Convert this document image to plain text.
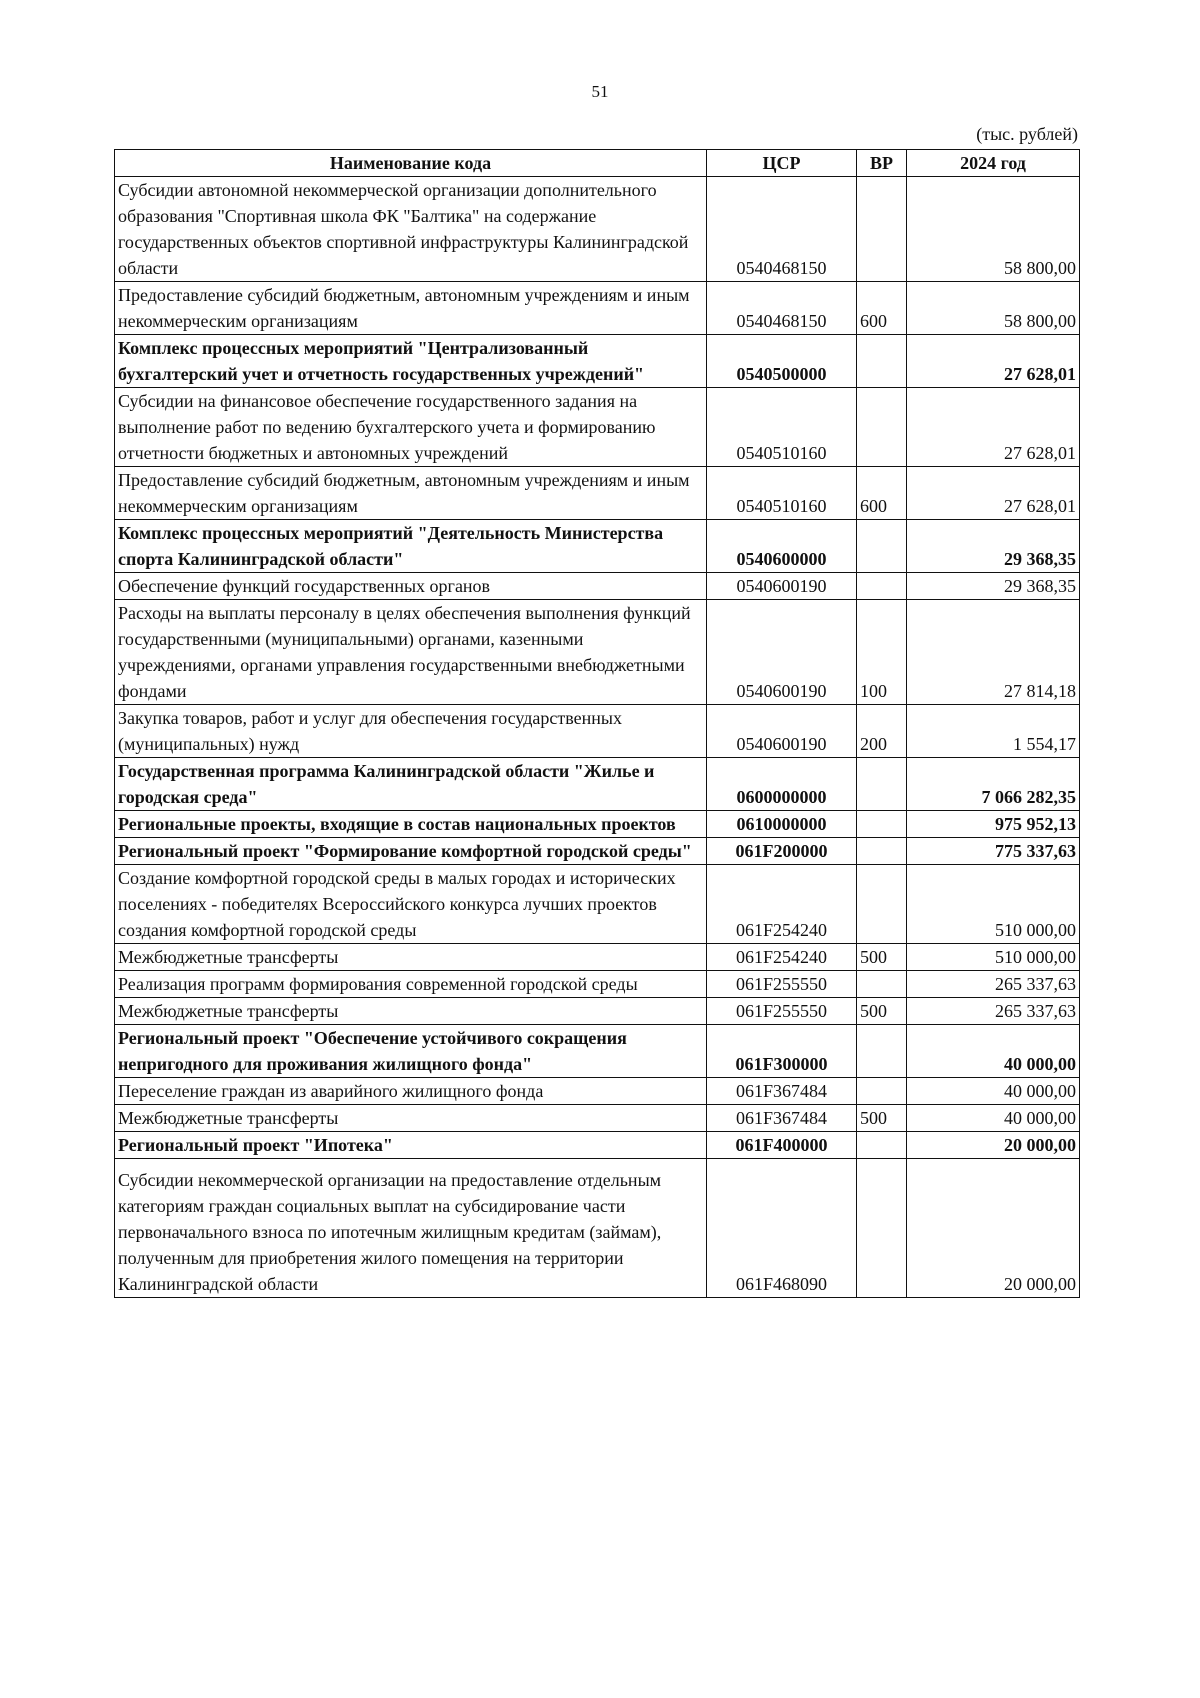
51
(тыс. рублей)
Наименование кода	ЦСР	ВР	2024 год
Субсидии автономной некоммерческой организации дополнительного образования "Спортивная школа ФК "Балтика" на содержание государственных объектов спортивной инфраструктуры Калининградской области	0540468150		58 800,00
Предоставление субсидий бюджетным, автономным учреждениям и иным некоммерческим организациям	0540468150	600	58 800,00
Комплекс процессных мероприятий "Централизованный бухгалтерский учет и отчетность государственных учреждений"	0540500000		27 628,01
Субсидии на финансовое обеспечение государственного задания на выполнение работ по ведению бухгалтерского учета и формированию отчетности бюджетных и автономных учреждений	0540510160		27 628,01
Предоставление субсидий бюджетным, автономным учреждениям и иным некоммерческим организациям	0540510160	600	27 628,01
Комплекс процессных мероприятий "Деятельность Министерства спорта Калининградской области"	0540600000		29 368,35
Обеспечение функций государственных органов	0540600190		29 368,35
Расходы на выплаты персоналу в целях обеспечения выполнения функций государственными (муниципальными) органами, казенными учреждениями, органами управления государственными внебюджетными фондами	0540600190	100	27 814,18
Закупка товаров, работ и услуг для обеспечения государственных (муниципальных) нужд	0540600190	200	1 554,17
Государственная программа Калининградской области "Жилье и городская среда"	0600000000		7 066 282,35
Региональные проекты, входящие в состав национальных проектов	0610000000		975 952,13
Региональный проект "Формирование комфортной городской среды"	061F200000		775 337,63
Создание комфортной городской среды в малых городах и исторических поселениях - победителях Всероссийского конкурса лучших проектов создания комфортной городской среды	061F254240		510 000,00
Межбюджетные трансферты	061F254240	500	510 000,00
Реализация программ формирования современной городской среды	061F255550		265 337,63
Межбюджетные трансферты	061F255550	500	265 337,63
Региональный проект "Обеспечение устойчивого сокращения непригодного для проживания жилищного фонда"	061F300000		40 000,00
Переселение граждан из аварийного жилищного фонда	061F367484		40 000,00
Межбюджетные трансферты	061F367484	500	40 000,00
Региональный проект "Ипотека"	061F400000		20 000,00
Субсидии некоммерческой организации на предоставление отдельным категориям граждан социальных выплат на субсидирование части первоначального взноса по ипотечным жилищным кредитам (займам), полученным для приобретения жилого помещения на территории Калининградской области	061F468090		20 000,00
